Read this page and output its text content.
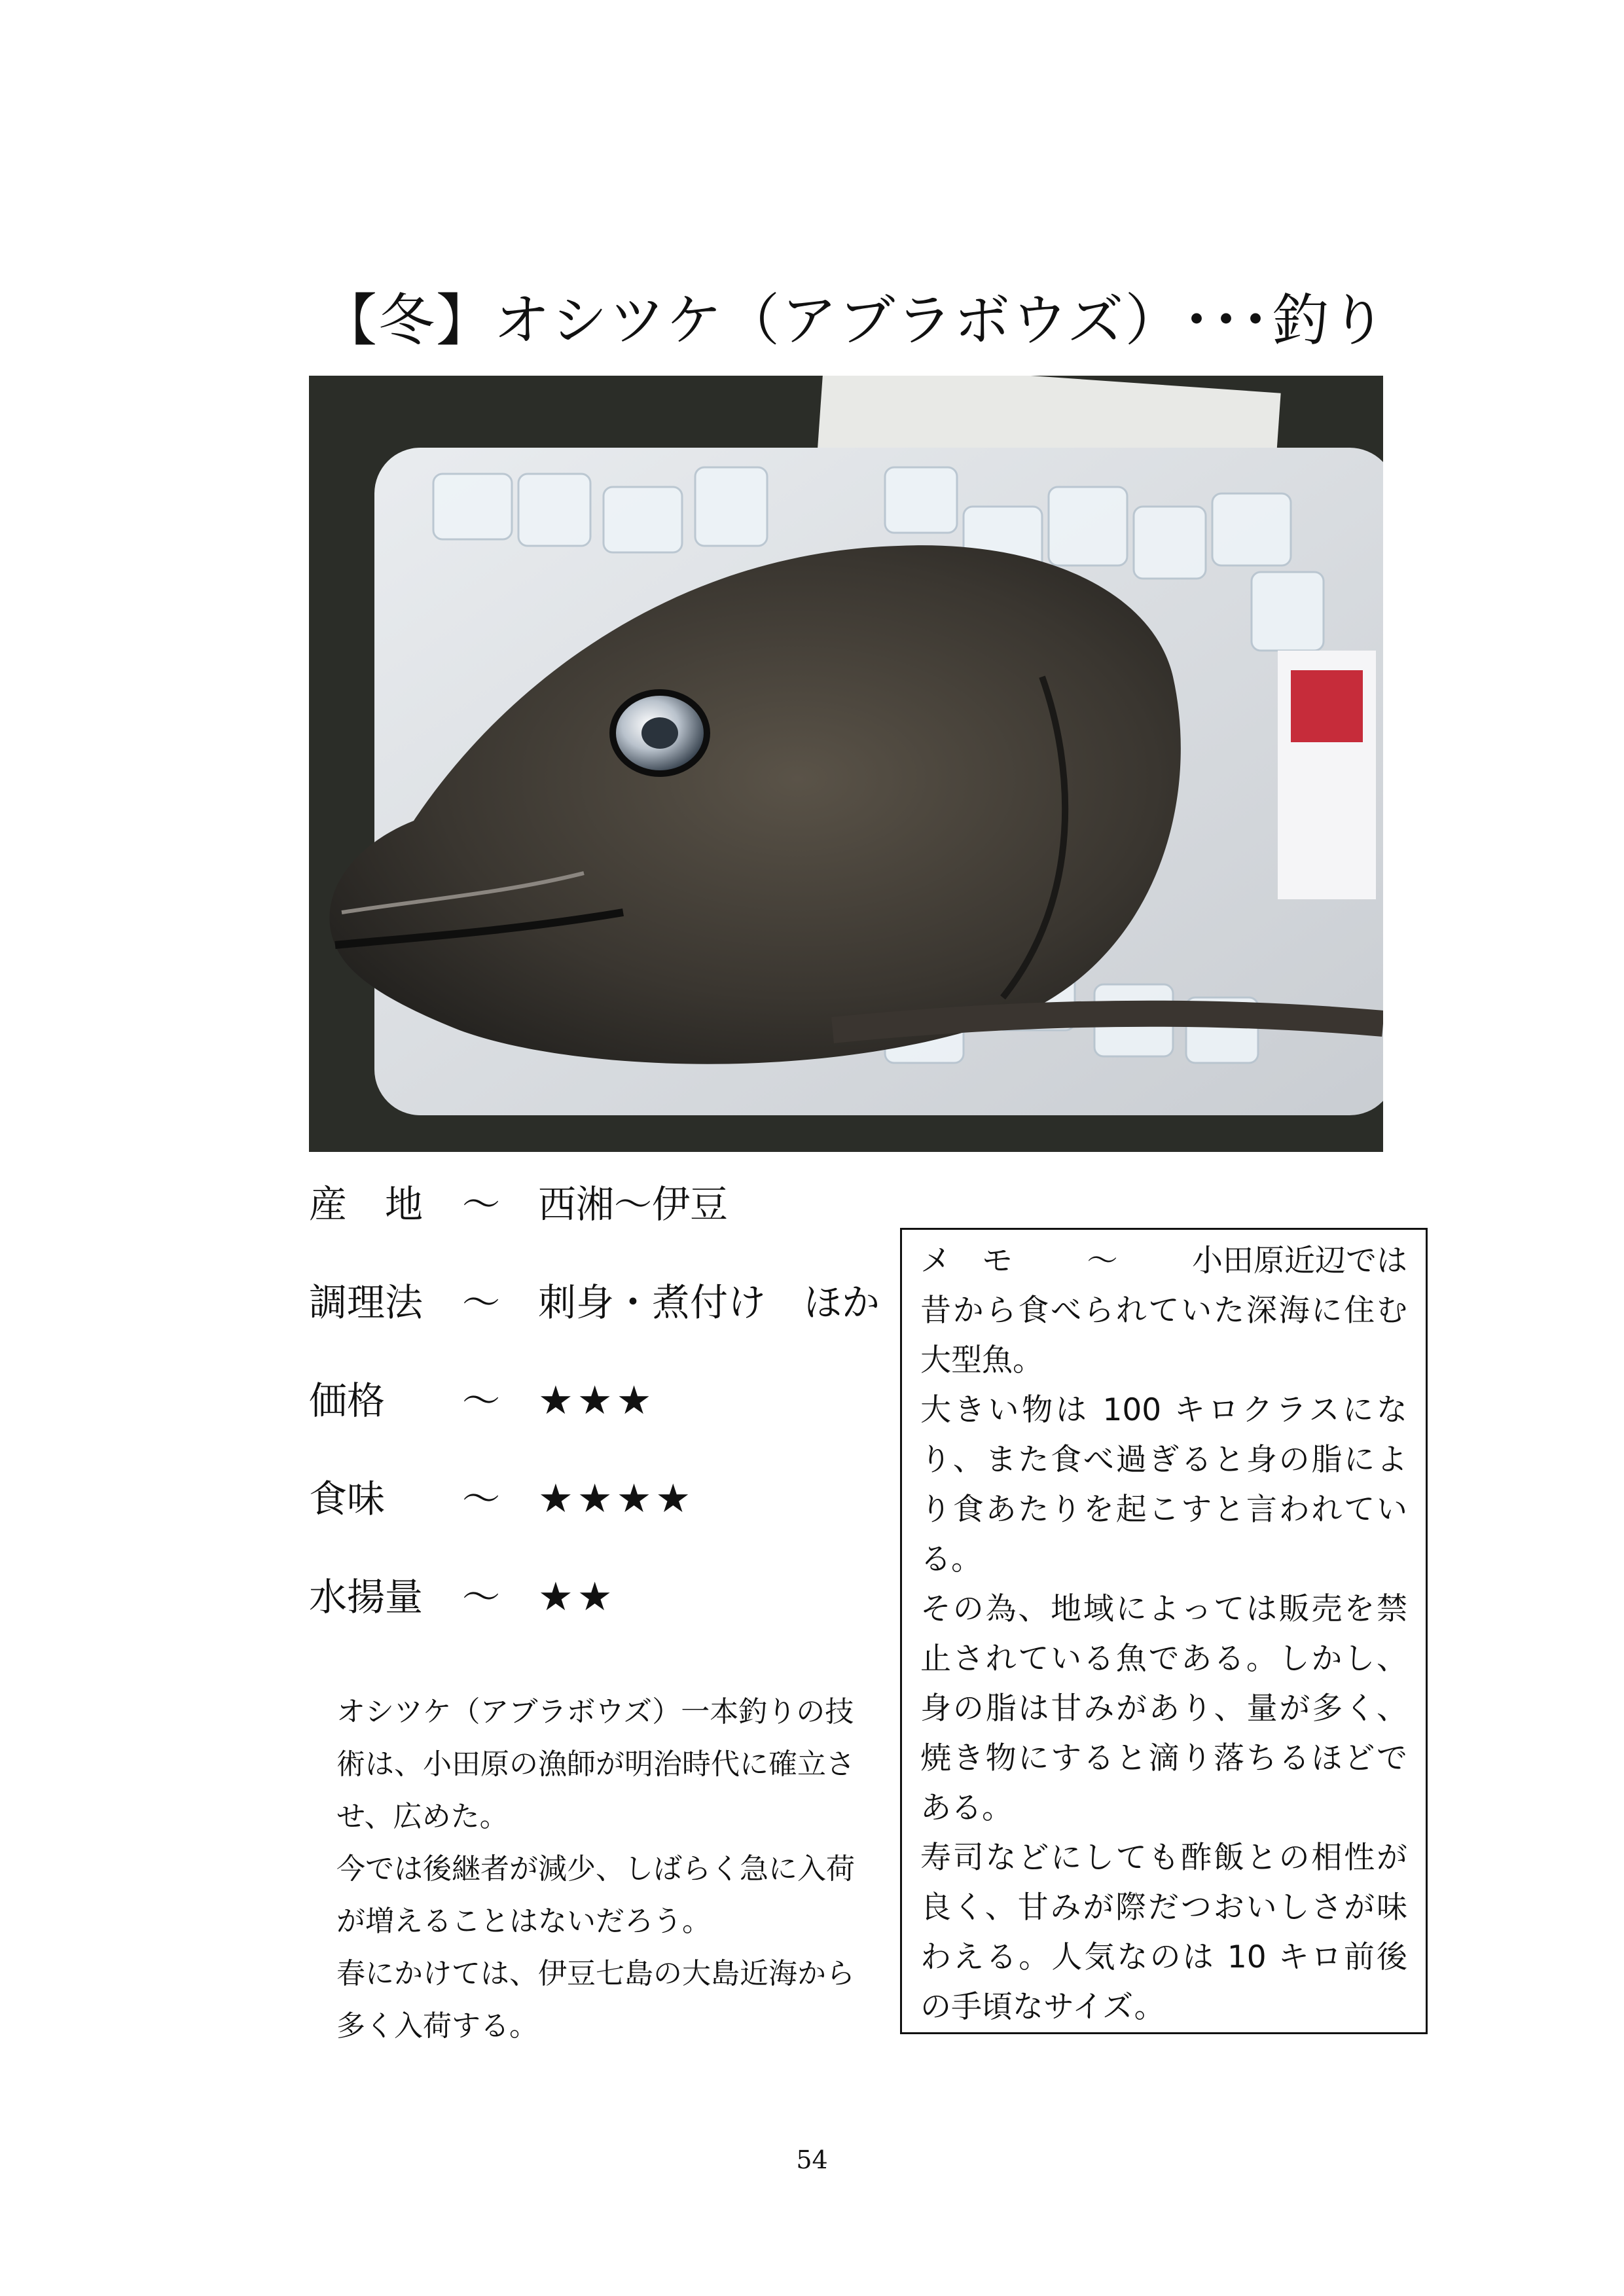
【冬】オシツケ（アブラボウズ）･･･ 釣り
産　地 ～ 西湘～伊豆
調理法 ～ 刺身・煮付け　ほか
価格 ～ ★★★
食味 ～ ★★★★
水揚量 ～ ★★

オシツケ（アブラボウズ）一本釣りの技術は、小田原の漁師が明治時代に確立させ、広めた。

今では後継者が減少、しばらく急に入荷が増えることはないだろう。

春にかけては、伊豆七島の大島近海から多く入荷する。

メ　モ ～ 小田原近辺では

昔から食べられていた深海に住む大型魚。

大きい物は 100 キロクラスになり、また食べ過ぎると身の脂により食あたりを起こすと言われている。

その為、地域によっては販売を禁止されている魚である。しかし、身の脂は甘みがあり、量が多く、焼き物にすると滴り落ちるほどである。

寿司などにしても酢飯との相性が良く、甘みが際だつおいしさが味わえる。人気なのは 10 キロ前後の手頃なサイズ。

54
